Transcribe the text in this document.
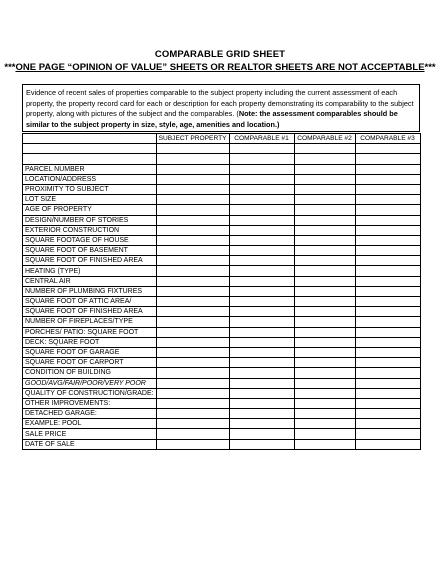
COMPARABLE GRID SHEET
***ONE PAGE “OPINION OF VALUE” SHEETS OR REALTOR SHEETS ARE NOT ACCEPTABLE***
Evidence of recent sales of properties comparable to the subject property including the current assessment of each property, the property record card for each or description for each property demonstrating its comparability to the subject property, along with pictures of the subject and the comparables. (Note: the assessment comparables should be similar to the subject property in size, style, age, amenities and location.)
	SUBJECT PROPERTY	COMPARABLE #1	COMPARABLE #2	COMPARABLE #3

PARCEL NUMBER				
LOCATION/ADDRESS				
PROXIMITY TO SUBJECT				
LOT SIZE				
AGE OF PROPERTY				
DESIGN/NUMBER OF STORIES				
EXTERIOR CONSTRUCTION				
SQUARE FOOTAGE OF HOUSE				
SQUARE FOOT OF BASEMENT				
SQUARE FOOT OF FINISHED AREA				
HEATING (TYPE)				
CENTRAL AIR				
NUMBER OF PLUMBING FIXTURES				
SQUARE FOOT OF ATTIC AREA/				
SQUARE FOOT OF FINISHED AREA				
NUMBER OF FIREPLACES/TYPE				
PORCHES/ PATIO: SQUARE FOOT				
DECK: SQUARE FOOT				
SQUARE FOOT OF GARAGE				
SQUARE FOOT OF CARPORT				
CONDITION OF BUILDING				
GOOD/AVG/FAIR/POOR/VERY POOR				
QUALITY OF CONSTRUCTION/GRADE:				
OTHER IMPROVEMENTS:				
DETACHED GARAGE:				
EXAMPLE: POOL				
SALE PRICE				
DATE OF SALE				
